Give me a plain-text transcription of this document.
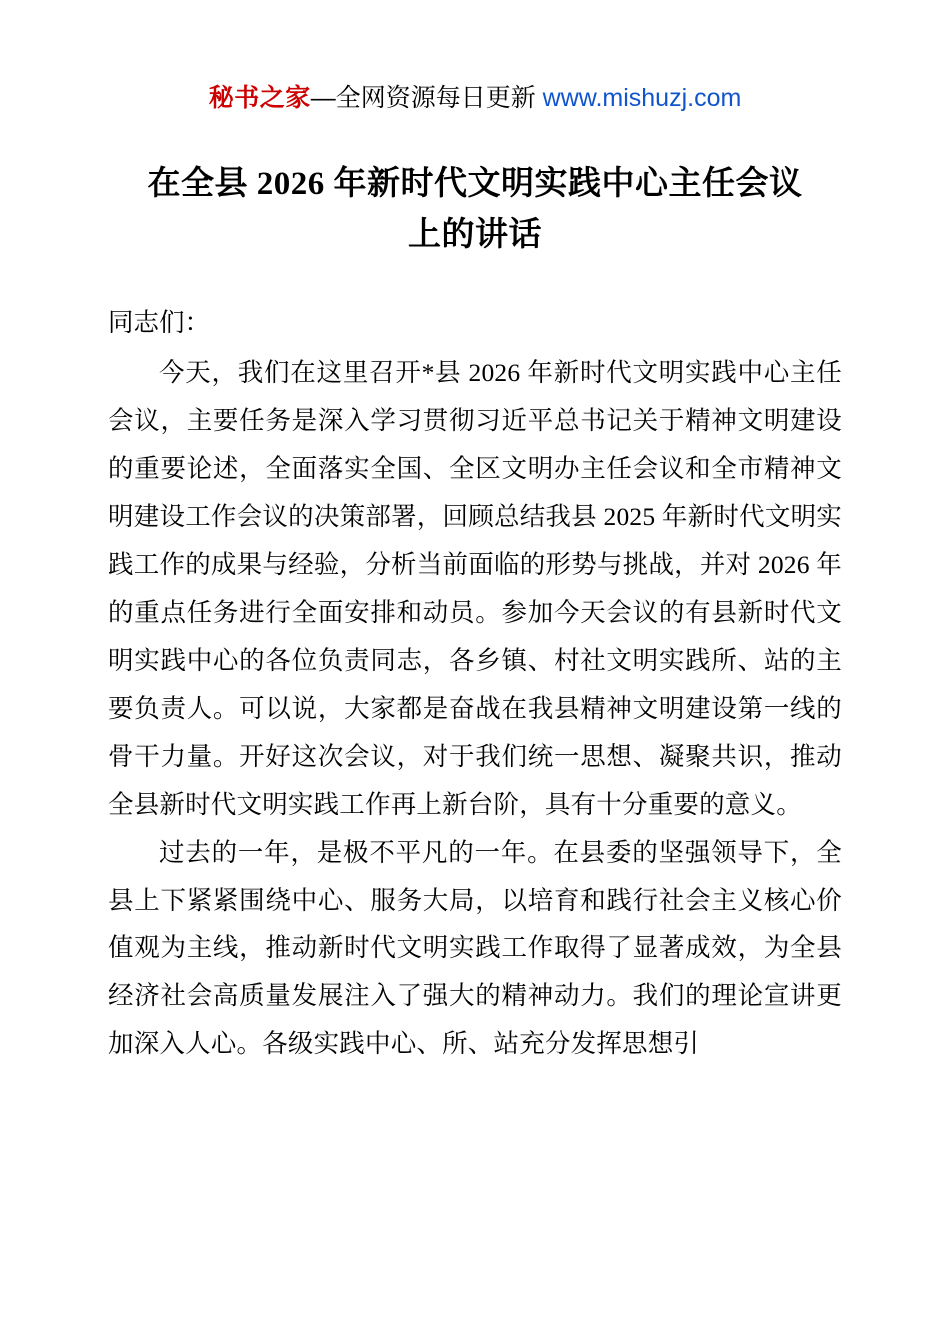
秘书之家—全网资源每日更新 www.mishuzj.com
在全县 2026 年新时代文明实践中心主任会议上的讲话
同志们：

今天，我们在这里召开*县 2026 年新时代文明实践中心主任会议，主要任务是深入学习贯彻习近平总书记关于精神文明建设的重要论述，全面落实全国、全区文明办主任会议和全市精神文明建设工作会议的决策部署，回顾总结我县 2025 年新时代文明实践工作的成果与经验，分析当前面临的形势与挑战，并对 2026 年的重点任务进行全面安排和动员。参加今天会议的有县新时代文明实践中心的各位负责同志，各乡镇、村社文明实践所、站的主要负责人。可以说，大家都是奋战在我县精神文明建设第一线的骨干力量。开好这次会议，对于我们统一思想、凝聚共识，推动全县新时代文明实践工作再上新台阶，具有十分重要的意义。

过去的一年，是极不平凡的一年。在县委的坚强领导下，全县上下紧紧围绕中心、服务大局，以培育和践行社会主义核心价值观为主线，推动新时代文明实践工作取得了显著成效，为全县经济社会高质量发展注入了强大的精神动力。我们的理论宣讲更加深入人心。各级实践中心、所、站充分发挥思想引
